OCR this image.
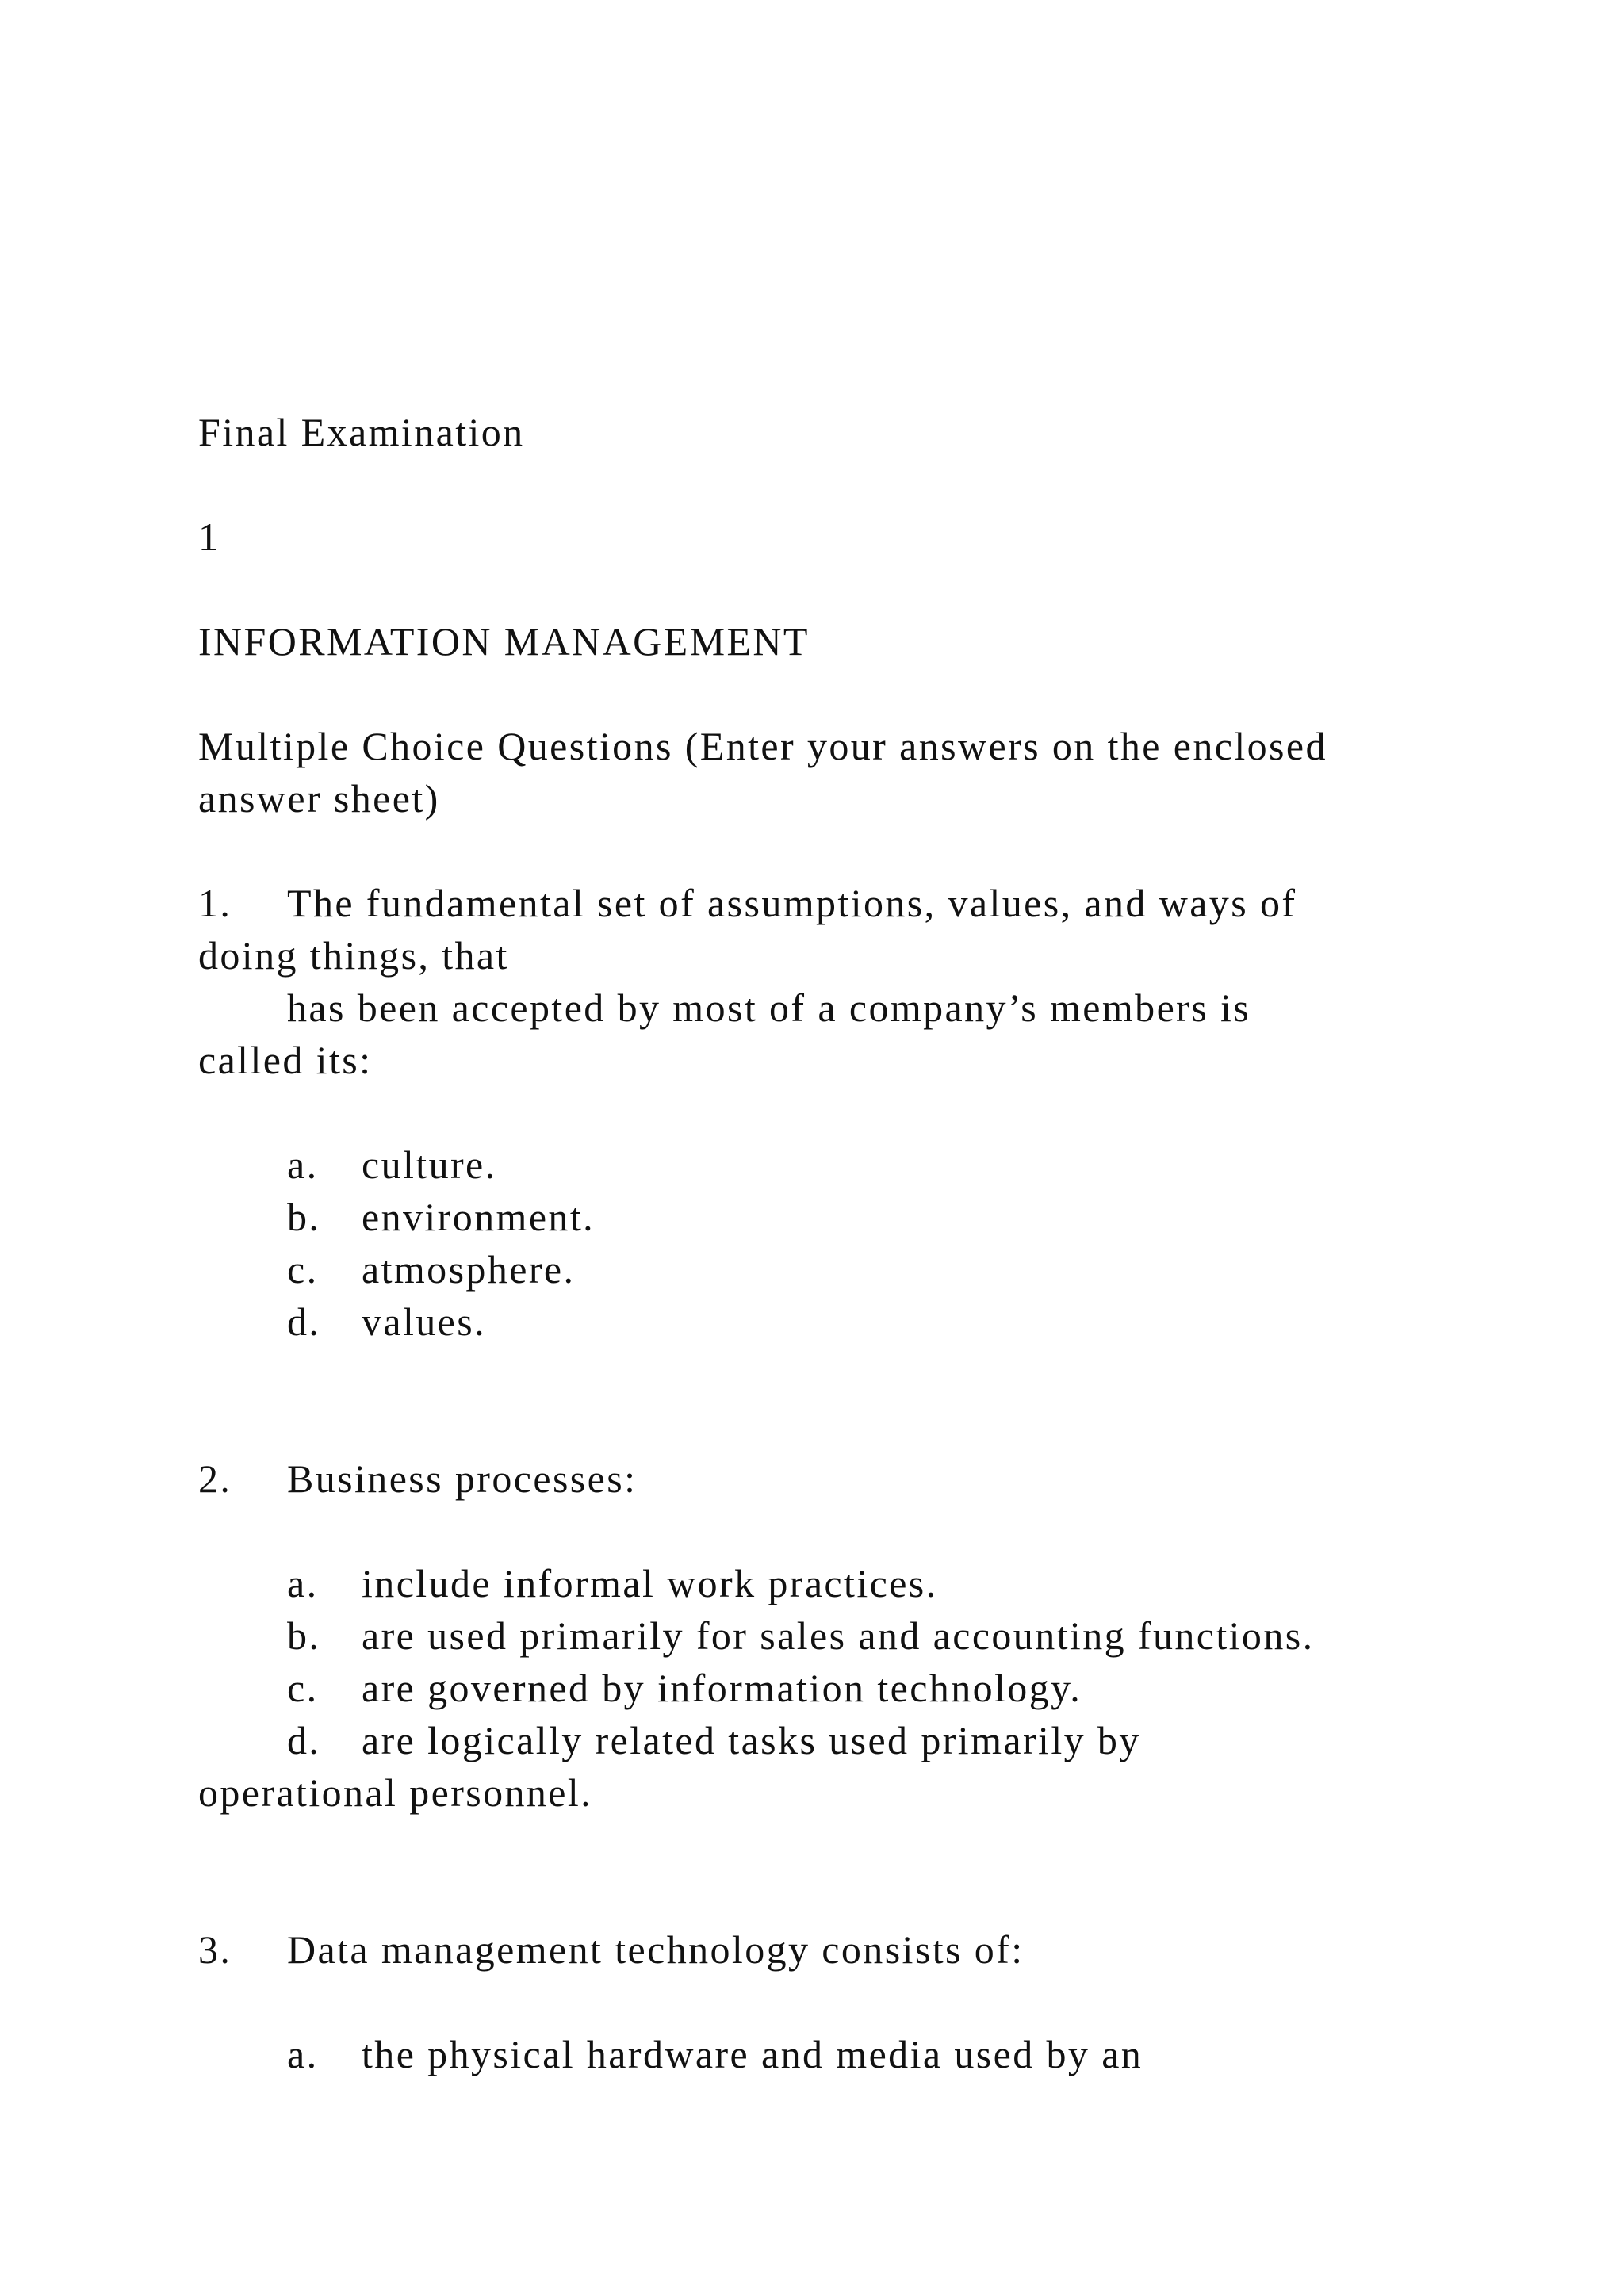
Final Examination

1

INFORMATION MANAGEMENT

Multiple Choice Questions (Enter your answers on the enclosed

answer sheet)

1. The fundamental set of assumptions, values, and ways of

doing things, that

has been accepted by most of a company’s members is

called its:

a. culture.

b. environment.

c. atmosphere.

d. values.

2. Business processes:

a. include informal work practices.

b. are used primarily for sales and accounting functions.

c. are governed by information technology.

d. are logically related tasks used primarily by

operational personnel.

3. Data management technology consists of:

a. the physical hardware and media used by an
